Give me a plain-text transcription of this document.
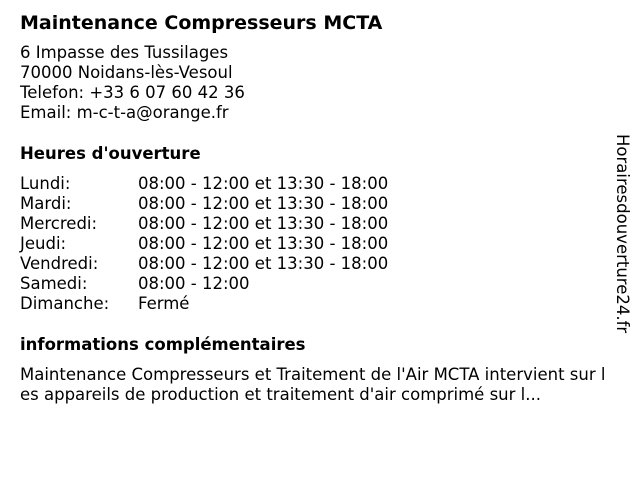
Maintenance Compresseurs MCTA
6 Impasse des Tussilages
70000 Noidans-lès-Vesoul
Telefon: +33 6 07 60 42 36
Email: m-c-t-a@orange.fr
Heures d'ouverture
Lundi:	08:00 - 12:00 et 13:30 - 18:00
Mardi:	08:00 - 12:00 et 13:30 - 18:00
Mercredi:	08:00 - 12:00 et 13:30 - 18:00
Jeudi:	08:00 - 12:00 et 13:30 - 18:00
Vendredi:	08:00 - 12:00 et 13:30 - 18:00
Samedi:	08:00 - 12:00
Dimanche:	Fermé
informations complémentaires
Maintenance Compresseurs et Traitement de l'Air MCTA intervient sur les appareils de production et traitement d'air comprimé sur l...
Horairesdouverture24.fr
